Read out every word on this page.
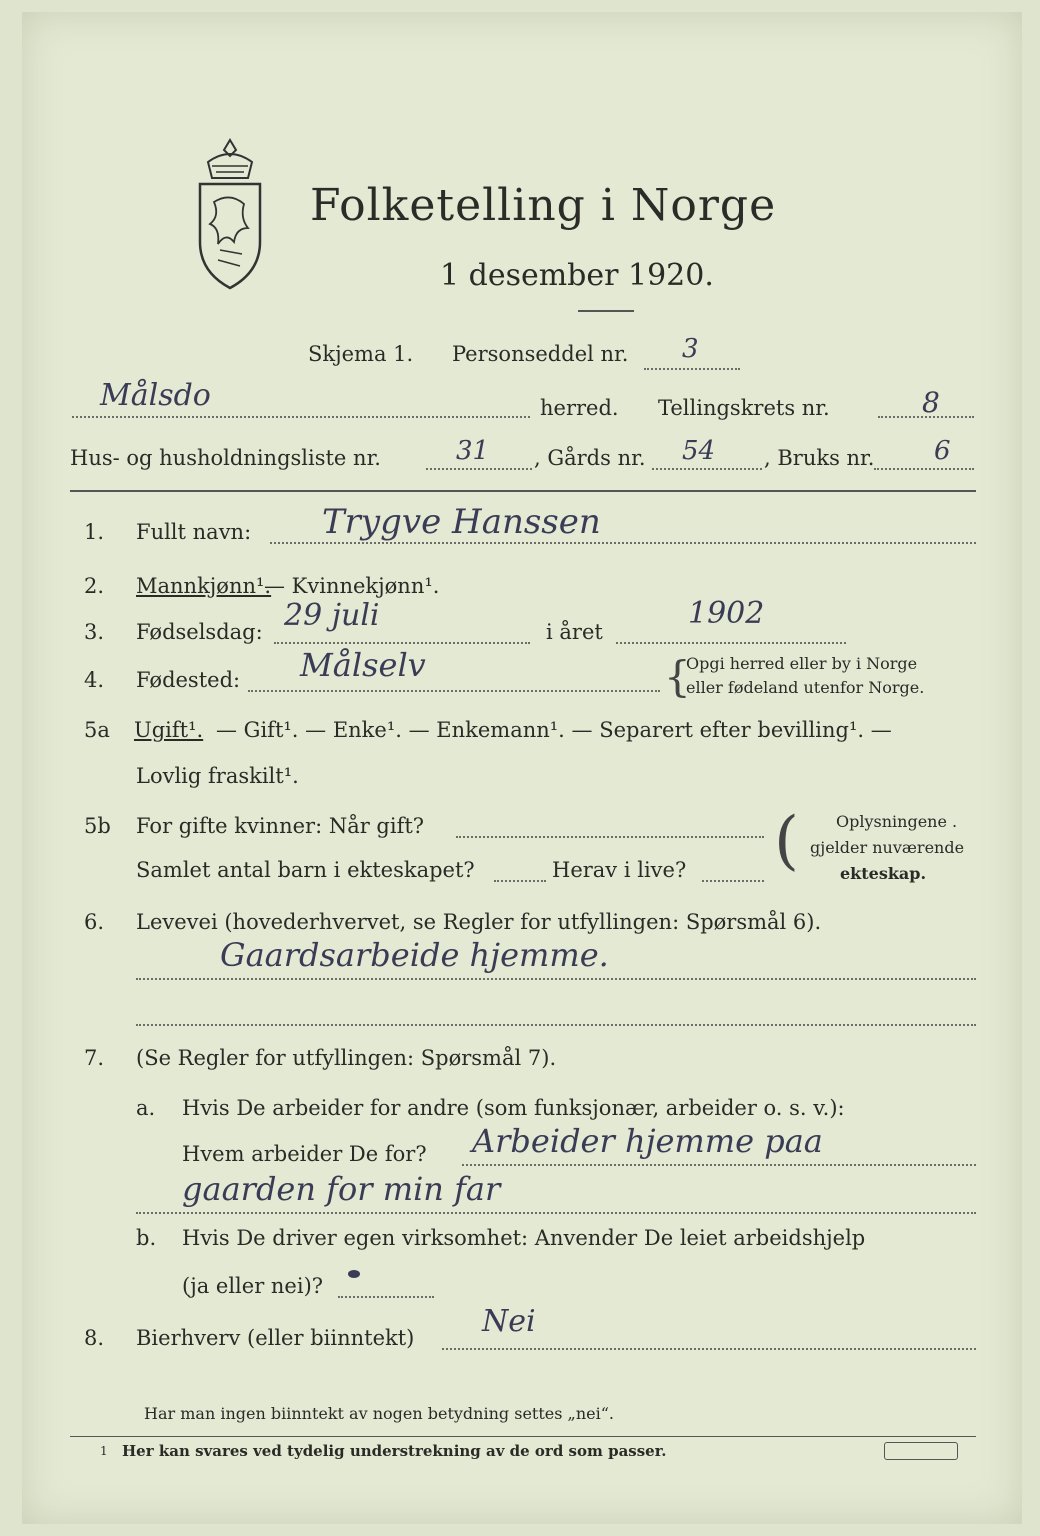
Folketelling i Norge
1 desember 1920.
Skjema 1. Personseddel nr. 3
Målsdo	herred. Tellingskrets nr.	8
Hus- og husholdningsliste nr.	31 , Gårds nr. 54 , Bruks nr. 6
1. Fullt navn: Trygve Hanssen
2. Mannkjønn¹.
— Kvinnekjønn¹.
3. Fødselsdag: 29 juli	i året
1902
4. Fødested: Målselv	{
Opgi herred eller by i Norge
eller fødeland utenfor Norge.
5a Ugift¹. — Gift¹. — Enke¹. — Enkemann¹. — Separert efter bevilling¹. —
Lovlig fraskilt¹.
5b For gifte kvinner: Når gift?
Samlet antal barn i ekteskapet?	Herav i live? ( Oplysningene .
gjelder nuværende
ekteskap.
6. Levevei (hovederhvervet, se Regler for utfyllingen: Spørsmål 6).
Gaardsarbeide hjemme.
7. (Se Regler for utfyllingen: Spørsmål 7).
a. Hvis De arbeider for andre (som funksjonær, arbeider o. s. v.):
Hvem arbeider De for? Arbeider hjemme paa
gaarden for min far
b. Hvis De driver egen virksomhet: Anvender De leiet arbeidshjelp
(ja eller nei)?
8. Bierhverv (eller biinntekt) Nei
Har man ingen biinntekt av nogen betydning settes „nei“.
1 Her kan svares ved tydelig understrekning av de ord som passer.
